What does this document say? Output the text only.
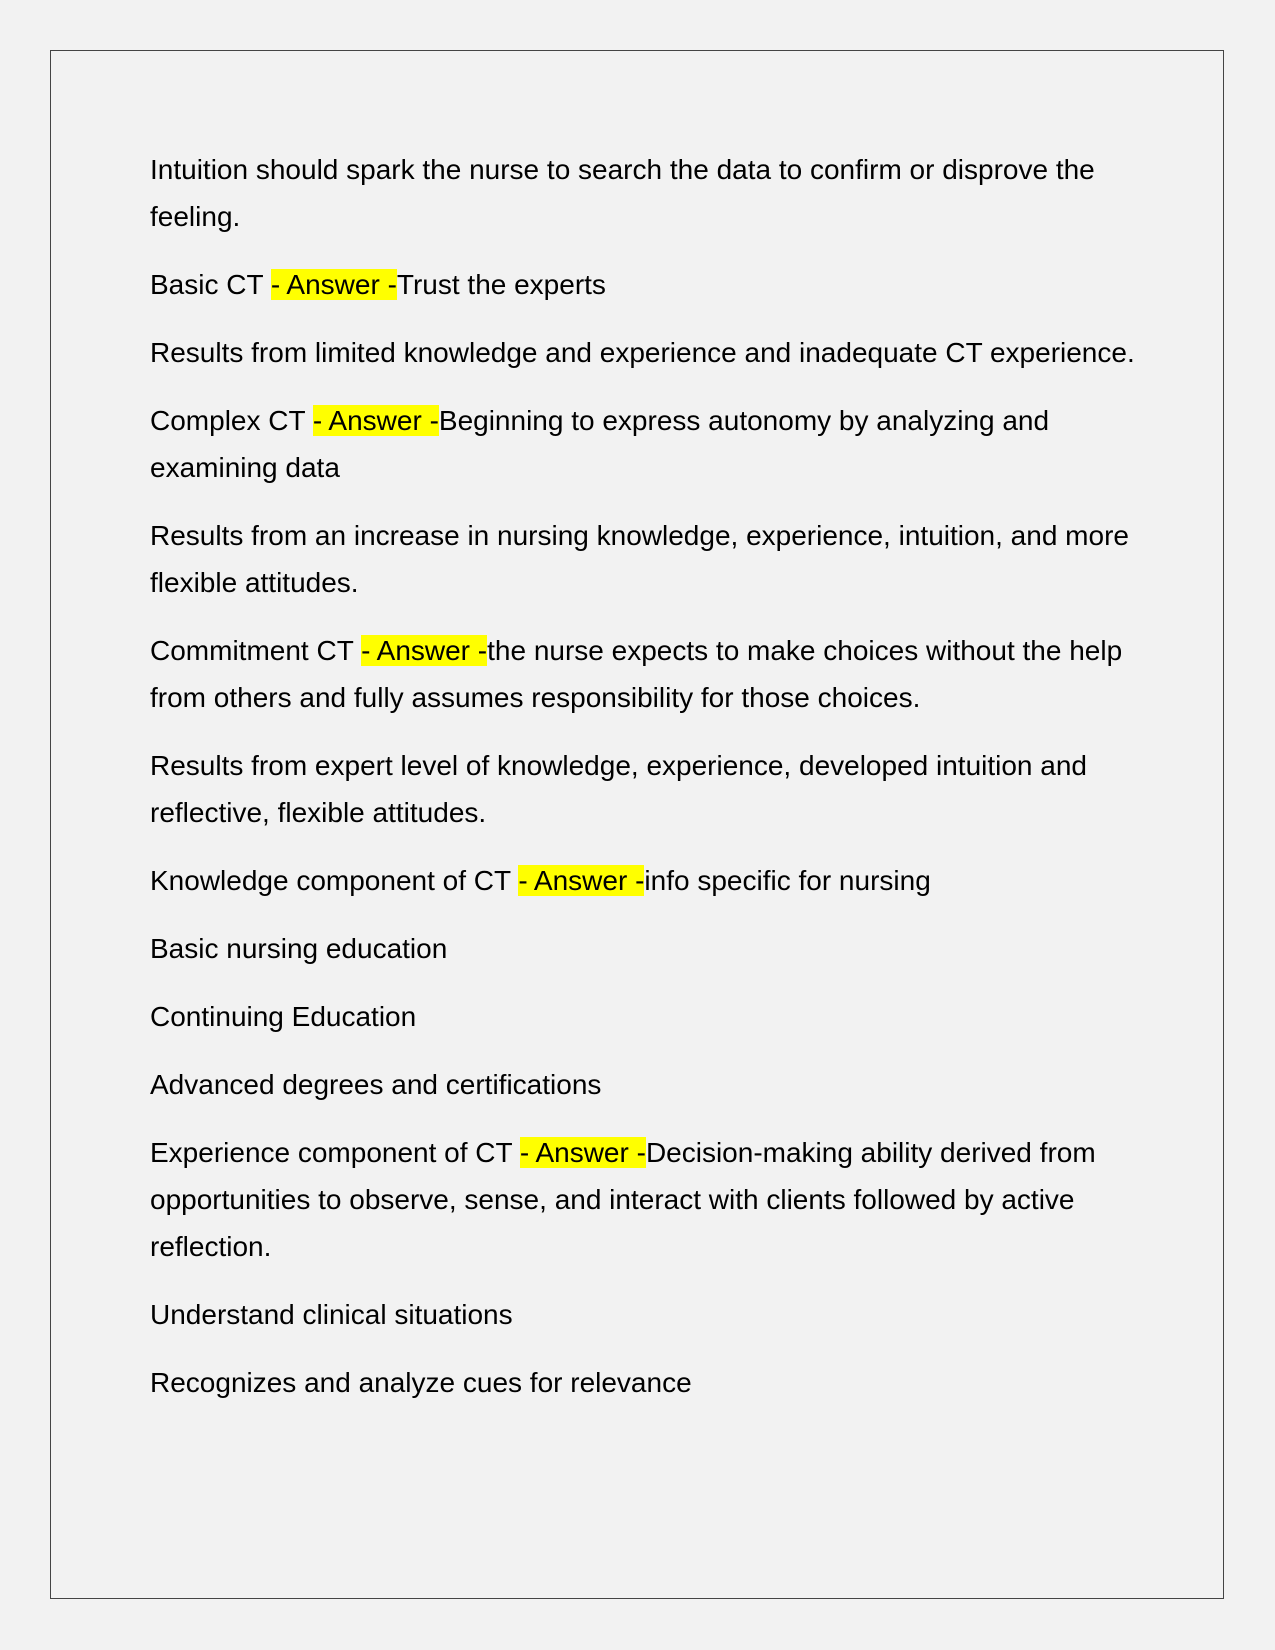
Intuition should spark the nurse to search the data to confirm or disprove the feeling.

Basic CT - Answer -Trust the experts

Results from limited knowledge and experience and inadequate CT experience.

Complex CT - Answer -Beginning to express autonomy by analyzing and examining data

Results from an increase in nursing knowledge, experience, intuition, and more flexible attitudes.

Commitment CT - Answer -the nurse expects to make choices without the help from others and fully assumes responsibility for those choices.

Results from expert level of knowledge, experience, developed intuition and reflective, flexible attitudes.

Knowledge component of CT - Answer -info specific for nursing

Basic nursing education

Continuing Education

Advanced degrees and certifications

Experience component of CT - Answer -Decision-making ability derived from opportunities to observe, sense, and interact with clients followed by active reflection.

Understand clinical situations

Recognizes and analyze cues for relevance
